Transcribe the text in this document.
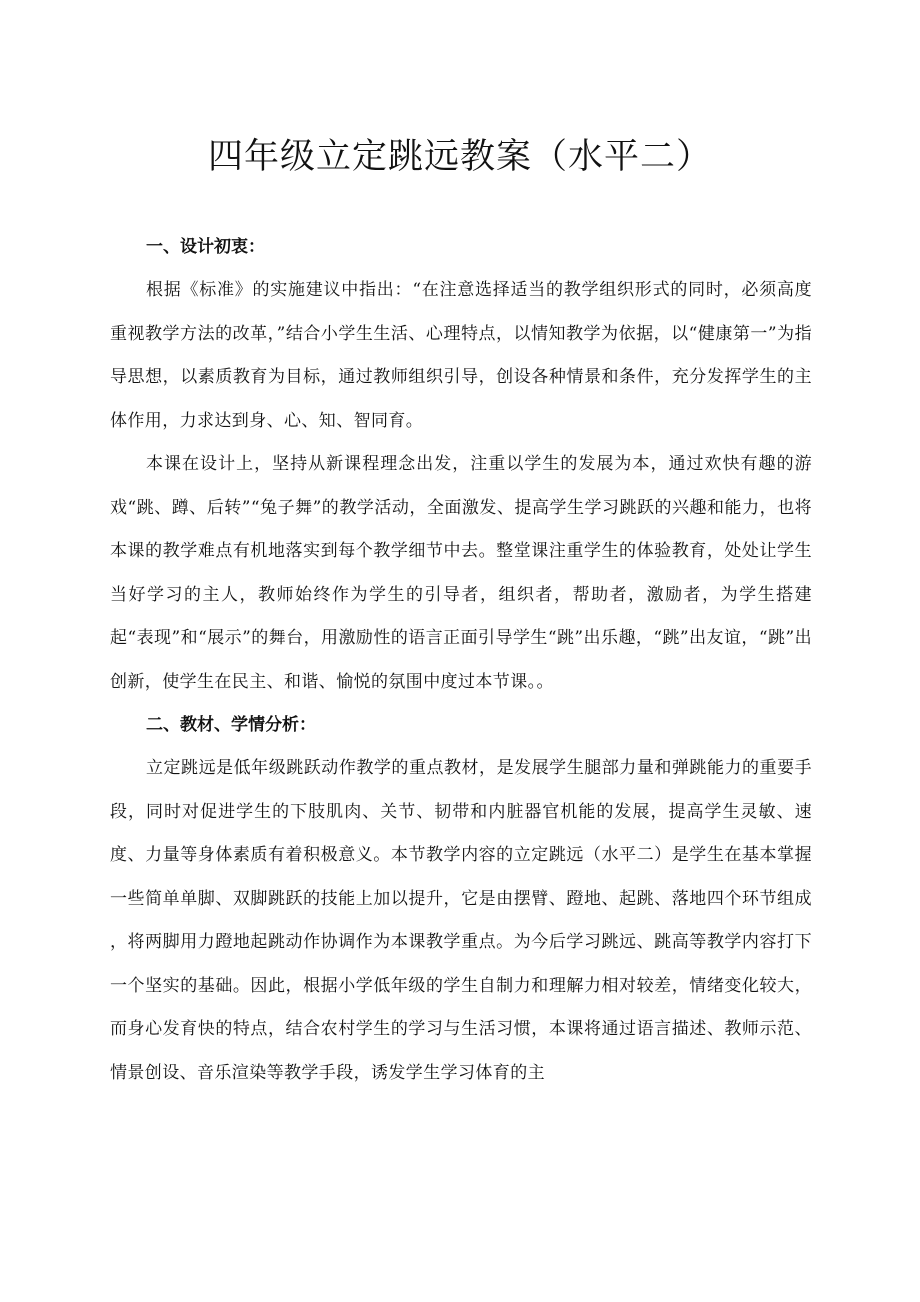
四年级立定跳远教案（水平二）
一、设计初衷：

根据《标准》的实施建议中指出：“在注意选择适当的教学组织形式的同时，必须高度重视教学方法的改革，”结合小学生生活、心理特点，以情知教学为依据，以“健康第一”为指导思想，以素质教育为目标，通过教师组织引导，创设各种情景和条件，充分发挥学生的主体作用，力求达到身、心、知、智同育。

本课在设计上，坚持从新课程理念出发，注重以学生的发展为本，通过欢快有趣的游戏“跳、蹲、后转”“兔子舞”的教学活动，全面激发、提高学生学习跳跃的兴趣和能力，也将本课的教学难点有机地落实到每个教学细节中去。整堂课注重学生的体验教育，处处让学生当好学习的主人，教师始终作为学生的引导者，组织者，帮助者，激励者，为学生搭建起“表现”和“展示”的舞台，用激励性的语言正面引导学生“跳”出乐趣，“跳”出友谊，“跳”出创新，使学生在民主、和谐、愉悦的氛围中度过本节课。。

二、教材、学情分析：

立定跳远是低年级跳跃动作教学的重点教材，是发展学生腿部力量和弹跳能力的重要手段，同时对促进学生的下肢肌肉、关节、韧带和内脏器官机能的发展，提高学生灵敏、速度、力量等身体素质有着积极意义。本节教学内容的立定跳远（水平二）是学生在基本掌握一些简单单脚、双脚跳跃的技能上加以提升，它是由摆臂、蹬地、起跳、落地四个环节组成 ，将两脚用力蹬地起跳动作协调作为本课教学重点。为今后学习跳远、跳高等教学内容打下一个坚实的基础。因此，根据小学低年级的学生自制力和理解力相对较差，情绪变化较大，而身心发育快的特点，结合农村学生的学习与生活习惯，本课将通过语言描述、教师示范、情景创设、音乐渲染等教学手段，诱发学生学习体育的主
